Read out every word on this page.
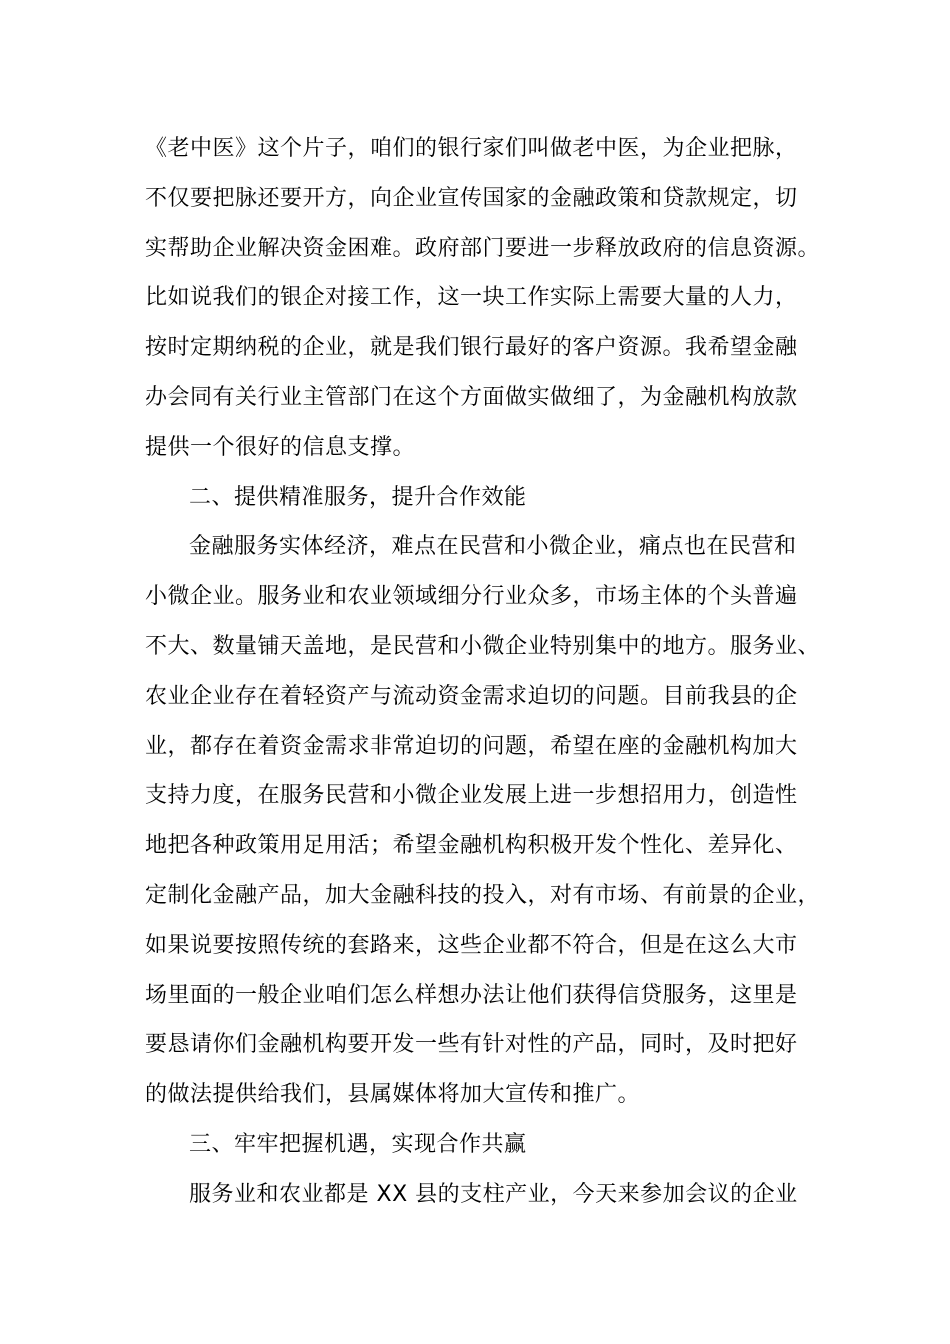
《老中医》这个片子，咱们的银行家们叫做老中医，为企业把脉，
不仅要把脉还要开方，向企业宣传国家的金融政策和贷款规定，切
实帮助企业解决资金困难。政府部门要进一步释放政府的信息资源。
比如说我们的银企对接工作，这一块工作实际上需要大量的人力，
按时定期纳税的企业，就是我们银行最好的客户资源。我希望金融
办会同有关行业主管部门在这个方面做实做细了，为金融机构放款
提供一个很好的信息支撑。
二、提供精准服务，提升合作效能
金融服务实体经济，难点在民营和小微企业，痛点也在民营和
小微企业。服务业和农业领域细分行业众多，市场主体的个头普遍
不大、数量铺天盖地，是民营和小微企业特别集中的地方。服务业、
农业企业存在着轻资产与流动资金需求迫切的问题。目前我县的企
业，都存在着资金需求非常迫切的问题，希望在座的金融机构加大
支持力度，在服务民营和小微企业发展上进一步想招用力，创造性
地把各种政策用足用活；希望金融机构积极开发个性化、差异化、
定制化金融产品，加大金融科技的投入，对有市场、有前景的企业，
如果说要按照传统的套路来，这些企业都不符合，但是在这么大市
场里面的一般企业咱们怎么样想办法让他们获得信贷服务，这里是
要恳请你们金融机构要开发一些有针对性的产品，同时，及时把好
的做法提供给我们，县属媒体将加大宣传和推广。
三、牢牢把握机遇，实现合作共赢
服务业和农业都是 XX 县的支柱产业，今天来参加会议的企业
